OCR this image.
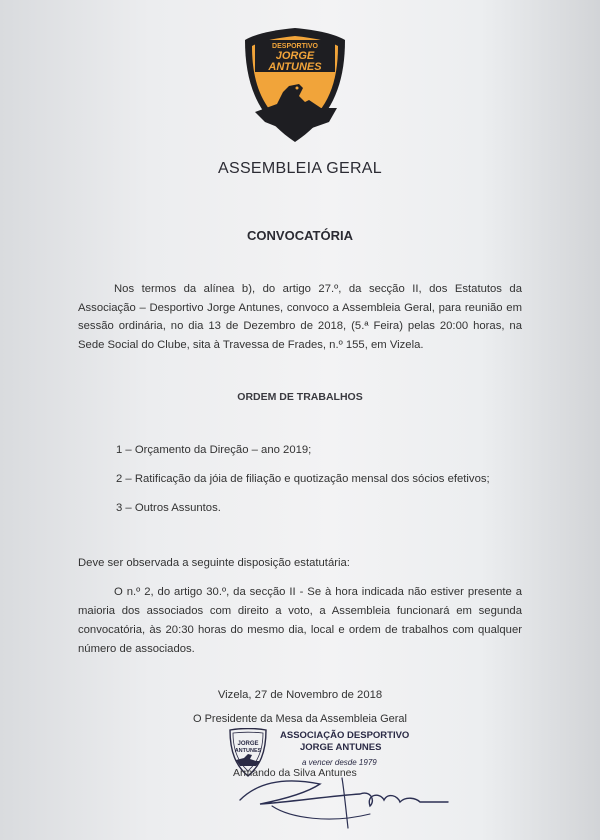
DESPORTIVO
JORGE
ANTUNES
ASSEMBLEIA GERAL
CONVOCATÓRIA
Nos termos da alínea b), do artigo 27.º, da secção II, dos Estatutos da Associação – Desportivo Jorge Antunes, convoco a Assembleia Geral, para reunião em sessão ordinária, no dia 13 de Dezembro de 2018, (5.ª Feira) pelas 20:00 horas, na Sede Social do Clube, sita à Travessa de Frades, n.º 155, em Vizela.
ORDEM DE TRABALHOS
1 – Orçamento da Direção – ano 2019;
2 – Ratificação da jóia de filiação e quotização mensal dos sócios efetivos;
3 – Outros Assuntos.
Deve ser observada a seguinte disposição estatutária:
O n.º 2, do artigo 30.º, da secção II - Se à hora indicada não estiver presente a maioria dos associados com direito a voto, a Assembleia funcionará em segunda convocatória, às 20:30 horas do mesmo dia, local e ordem de trabalhos com qualquer número de associados.
Vizela, 27 de Novembro de 2018
O Presidente da Mesa da Assembleia Geral
JORGE
ANTUNES
ASSOCIAÇÃO DESPORTIVO
JORGE ANTUNES
a vencer desde 1979
Armando da Silva Antunes
